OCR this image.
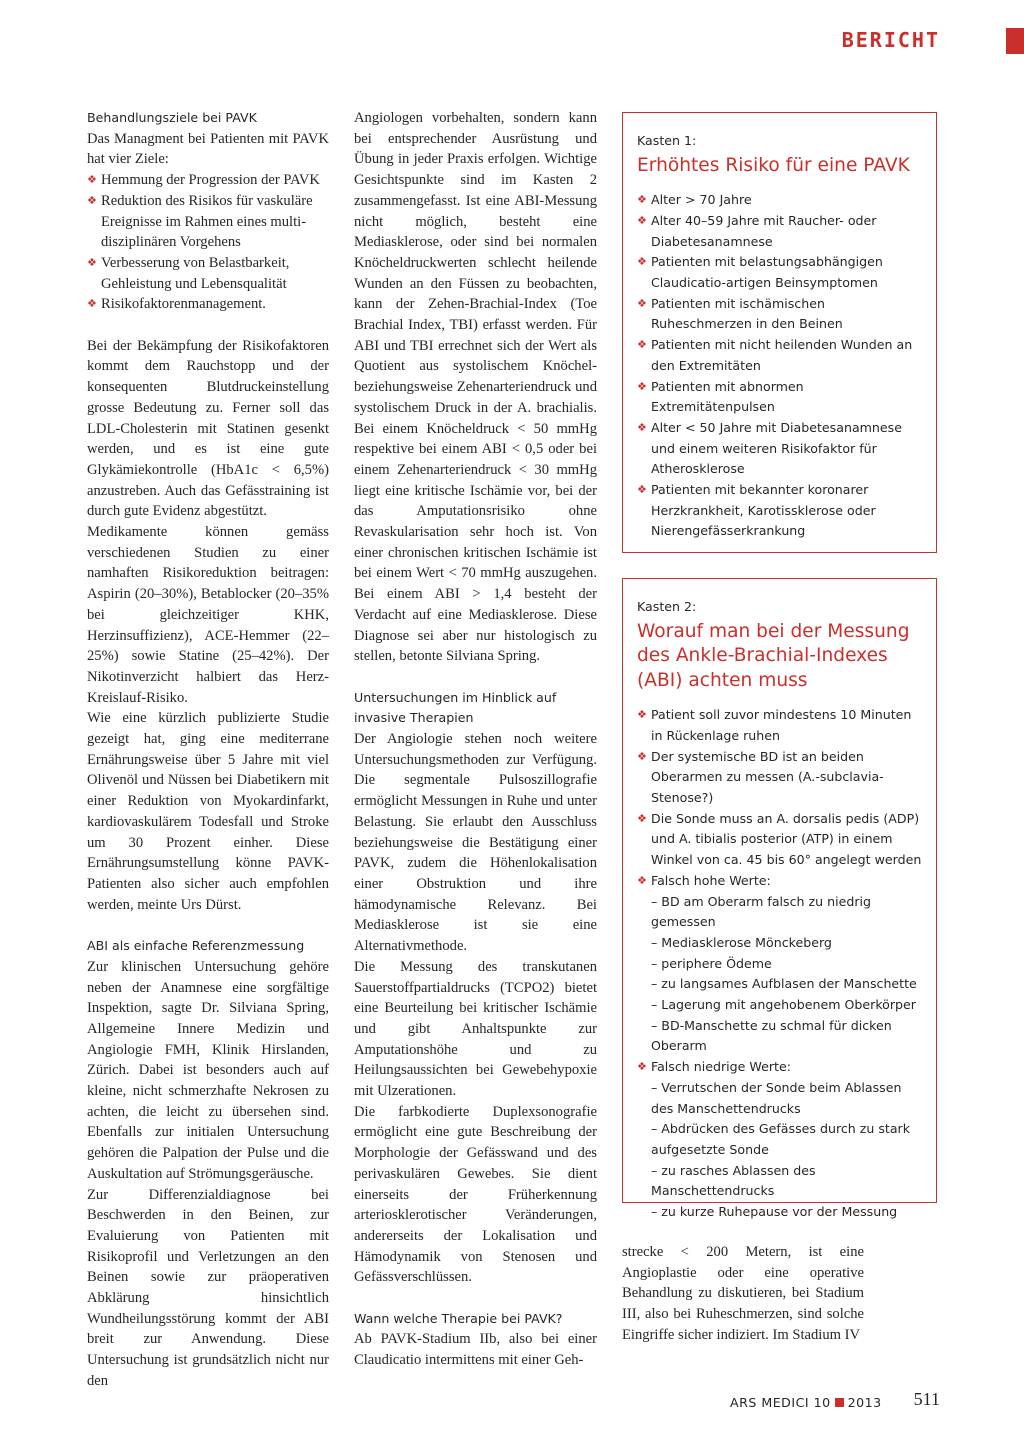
BERICHT
Behandlungsziele bei PAVK

Das Managment bei Patienten mit PAVK hat vier Ziele:

❖ Hemmung der Progression der PAVK
❖ Reduktion des Risikos für vaskuläre Ereignisse im Rahmen eines multidisziplinären Vorgehens
❖ Verbesserung von Belastbarkeit, Gehleistung und Lebensqualität
❖ Risikofaktorenmanagement.

Bei der Bekämpfung der Risikofaktoren kommt dem Rauchstopp und der konsequenten Blutdruckeinstellung grosse Bedeutung zu. Ferner soll das LDL-Cholesterin mit Statinen gesenkt werden, und es ist eine gute Glykämiekontrolle (HbA1c < 6,5%) anzustreben. Auch das Gefässtraining ist durch gute Evidenz abgestützt.

Medikamente können gemäss verschiedenen Studien zu einer namhaften Risikoreduktion beitragen: Aspirin (20–30%), Betablocker (20–35% bei gleichzeitiger KHK, Herzinsuffizienz), ACE-Hemmer (22–25%) sowie Statine (25–42%). Der Nikotinverzicht halbiert das Herz-Kreislauf-Risiko.

Wie eine kürzlich publizierte Studie gezeigt hat, ging eine mediterrane Ernährungsweise über 5 Jahre mit viel Olivenöl und Nüssen bei Diabetikern mit einer Reduktion von Myokardinfarkt, kardiovaskulärem Todesfall und Stroke um 30 Prozent einher. Diese Ernährungsumstellung könne PAVK-Patienten also sicher auch empfohlen werden, meinte Urs Dürst.

ABI als einfache Referenzmessung

Zur klinischen Untersuchung gehöre neben der Anamnese eine sorgfältige Inspektion, sagte Dr. Silviana Spring, Allgemeine Innere Medizin und Angiologie FMH, Klinik Hirslanden, Zürich. Dabei ist besonders auch auf kleine, nicht schmerzhafte Nekrosen zu achten, die leicht zu übersehen sind. Ebenfalls zur initialen Untersuchung gehören die Palpation der Pulse und die Auskultation auf Strömungsgeräusche.

Zur Differenzialdiagnose bei Beschwerden in den Beinen, zur Evaluierung von Patienten mit Risikoprofil und Verletzungen an den Beinen sowie zur präoperativen Abklärung hinsichtlich Wundheilungsstörung kommt der ABI breit zur Anwendung. Diese Untersuchung ist grundsätzlich nicht nur den

Angiologen vorbehalten, sondern kann bei entsprechender Ausrüstung und Übung in jeder Praxis erfolgen. Wichtige Gesichtspunkte sind im Kasten 2 zusammengefasst. Ist eine ABI-Messung nicht möglich, besteht eine Mediasklerose, oder sind bei normalen Knöcheldruckwerten schlecht heilende Wunden an den Füssen zu beobachten, kann der Zehen-Brachial-Index (Toe Brachial Index, TBI) erfasst werden. Für ABI und TBI errechnet sich der Wert als Quotient aus systolischem Knöchel- beziehungsweise Zehenarteriendruck und systolischem Druck in der A. brachialis. Bei einem Knöcheldruck < 50 mmHg respektive bei einem ABI < 0,5 oder bei einem Zehenarteriendruck < 30 mmHg liegt eine kritische Ischämie vor, bei der das Amputationsrisiko ohne Revaskularisation sehr hoch ist. Von einer chronischen kritischen Ischämie ist bei einem Wert < 70 mmHg auszugehen. Bei einem ABI > 1,4 besteht der Verdacht auf eine Mediasklerose. Diese Diagnose sei aber nur histologisch zu stellen, betonte Silviana Spring.

Untersuchungen im Hinblick auf invasive Therapien

Der Angiologie stehen noch weitere Untersuchungsmethoden zur Verfügung. Die segmentale Pulsoszillografie ermöglicht Messungen in Ruhe und unter Belastung. Sie erlaubt den Ausschluss beziehungsweise die Bestätigung einer PAVK, zudem die Höhenlokalisation einer Obstruktion und ihre hämodynamische Relevanz. Bei Mediasklerose ist sie eine Alternativmethode.

Die Messung des transkutanen Sauerstoffpartialdrucks (TCPO2) bietet eine Beurteilung bei kritischer Ischämie und gibt Anhaltspunkte zur Amputationshöhe und zu Heilungsaussichten bei Gewebehypoxie mit Ulzerationen.

Die farbkodierte Duplexsonografie ermöglicht eine gute Beschreibung der Morphologie der Gefässwand und des perivaskulären Gewebes. Sie dient einerseits der Früherkennung arteriosklerotischer Veränderungen, andererseits der Lokalisation und Hämodynamik von Stenosen und Gefässverschlüssen.

Wann welche Therapie bei PAVK?

Ab PAVK-Stadium IIb, also bei einer Claudicatio intermittens mit einer Geh-

Kasten 1:
Erhöhtes Risiko für eine PAVK
❖ Alter > 70 Jahre
❖ Alter 40–59 Jahre mit Raucher- oder Diabetesanamnese
❖ Patienten mit belastungsabhängigen Claudicatio-artigen Beinsymptomen
❖ Patienten mit ischämischen Ruheschmerzen in den Beinen
❖ Patienten mit nicht heilenden Wunden an den Extremitäten
❖ Patienten mit abnormen Extremitätenpulsen
❖ Alter < 50 Jahre mit Diabetesanamnese und einem weiteren Risikofaktor für Atherosklerose
❖ Patienten mit bekannter koronarer Herzkrankheit, Karotissklerose oder Nierengefässerkrankung
Kasten 2:
Worauf man bei der Messung des Ankle-Brachial-Indexes (ABI) achten muss
❖ Patient soll zuvor mindestens 10 Minuten in Rückenlage ruhen
❖ Der systemische BD ist an beiden Oberarmen zu messen (A.-subclavia-Stenose?)
❖ Die Sonde muss an A. dorsalis pedis (ADP) und A. tibialis posterior (ATP) in einem Winkel von ca. 45 bis 60° angelegt werden
❖ Falsch hohe Werte:
– BD am Oberarm falsch zu niedrig gemessen
– Mediasklerose Mönckeberg
– periphere Ödeme
– zu langsames Aufblasen der Manschette
– Lagerung mit angehobenem Oberkörper
– BD-Manschette zu schmal für dicken Oberarm
❖ Falsch niedrige Werte:
– Verrutschen der Sonde beim Ablassen des Manschettendrucks
– Abdrücken des Gefässes durch zu stark aufgesetzte Sonde
– zu rasches Ablassen des Manschettendrucks
– zu kurze Ruhepause vor der Messung

strecke < 200 Metern, ist eine Angioplastie oder eine operative Behandlung zu diskutieren, bei Stadium III, also bei Ruheschmerzen, sind solche Eingriffe sicher indiziert. Im Stadium IV

ARS MEDICI 10 2013 511
